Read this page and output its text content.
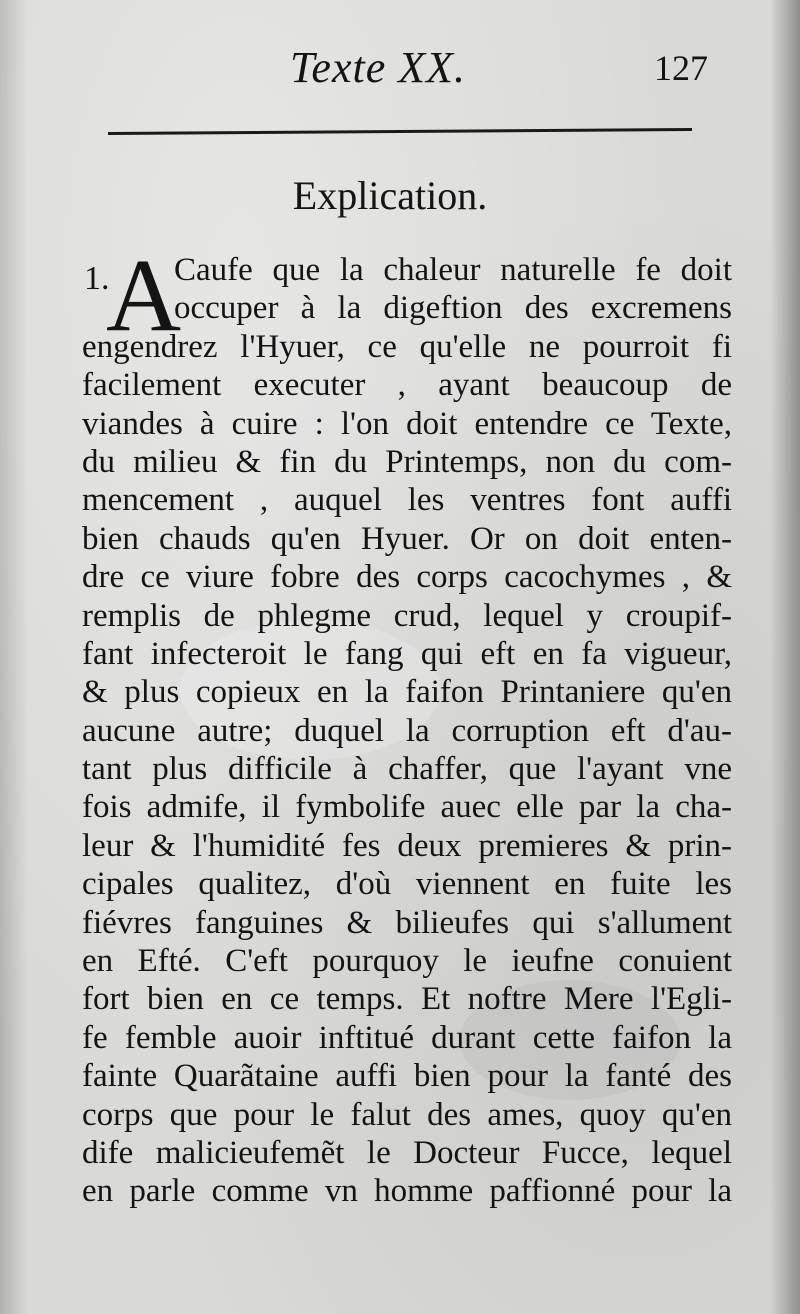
Texte XX.	127
Explication.
1.
A
Caufe que la chaleur naturelle fe doit
occuper à la digeftion des excremens
engendrez l'Hyuer, ce qu'elle ne pourroit fi
facilement executer , ayant beaucoup de
viandes à cuire : l'on doit entendre ce Texte,
du milieu & fin du Printemps, non du com-
mencement , auquel les ventres font auffi
bien chauds qu'en Hyuer. Or on doit enten-
dre ce viure fobre des corps cacochymes , &
remplis de phlegme crud, lequel y croupif-
fant infecteroit le fang qui eft en fa vigueur,
& plus copieux en la faifon Printaniere qu'en
aucune autre; duquel la corruption eft d'au-
tant plus difficile à chaffer, que l'ayant vne
fois admife, il fymbolife auec elle par la cha-
leur & l'humidité fes deux premieres & prin-
cipales qualitez, d'où viennent en fuite les
fiévres fanguines & bilieufes qui s'allument
en Efté. C'eft pourquoy le ieufne conuient
fort bien en ce temps. Et noftre Mere l'Egli-
fe femble auoir inftitué durant cette faifon la
fainte Quarãtaine auffi bien pour la fanté des
corps que pour le falut des ames, quoy qu'en
dife malicieufemẽt le Docteur Fucce, lequel
en parle comme vn homme paffionné pour la
